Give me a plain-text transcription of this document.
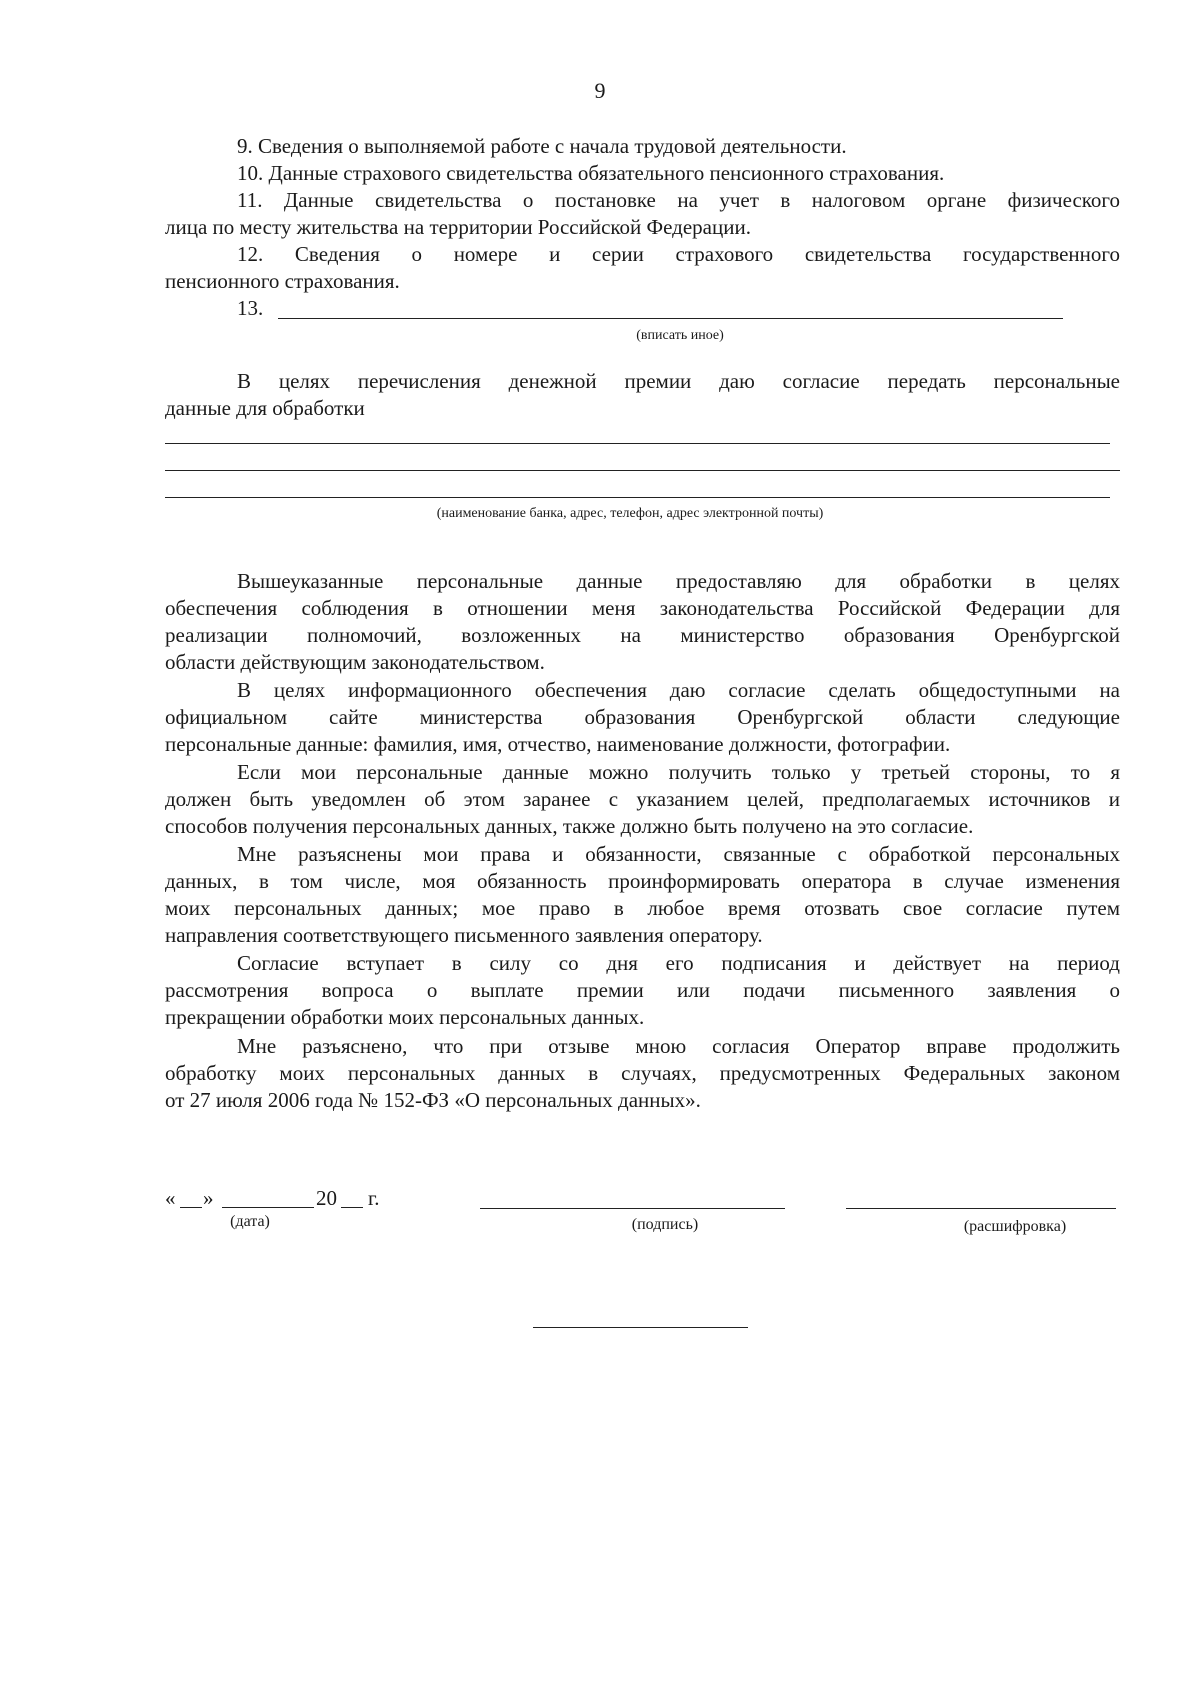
9
9. Сведения о выполняемой работе с начала трудовой деятельности.
10. Данные страхового свидетельства обязательного пенсионного страхования.
11. Данные свидетельства о постановке на учет в налоговом органе физического
лица по месту жительства на территории Российской Федерации.
12. Сведения о номере и серии страхового свидетельства государственного
пенсионного страхования.
13.
(вписать иное)
В целях перечисления денежной премии даю согласие передать персональные
данные для обработки
(наименование банка, адрес, телефон, адрес электронной почты)
Вышеуказанные персональные данные предоставляю для обработки в целях
обеспечения соблюдения в отношении меня законодательства Российской Федерации для
реализации полномочий, возложенных на министерство образования Оренбургской
области действующим законодательством.
В целях информационного обеспечения даю согласие сделать общедоступными на
официальном сайте министерства образования Оренбургской области следующие
персональные данные: фамилия, имя, отчество, наименование должности, фотографии.
Если мои персональные данные можно получить только у третьей стороны, то я
должен быть уведомлен об этом заранее с указанием целей, предполагаемых источников и
способов получения персональных данных, также должно быть получено на это согласие.
Мне разъяснены мои права и обязанности, связанные с обработкой персональных
данных, в том числе, моя обязанность проинформировать оператора в случае изменения
моих персональных данных; мое право в любое время отозвать свое согласие путем
направления соответствующего письменного заявления оператору.
Согласие вступает в силу со дня его подписания и действует на период
рассмотрения вопроса о выплате премии или подачи письменного заявления о
прекращении обработки моих персональных данных.
Мне разъяснено, что при отзыве мною согласия Оператор вправе продолжить
обработку моих персональных данных в случаях, предусмотренных Федеральных законом
от 27 июля 2006 года № 152-ФЗ «О персональных данных».
« »	20 г.
(дата)	(подпись)	(расшифровка)
